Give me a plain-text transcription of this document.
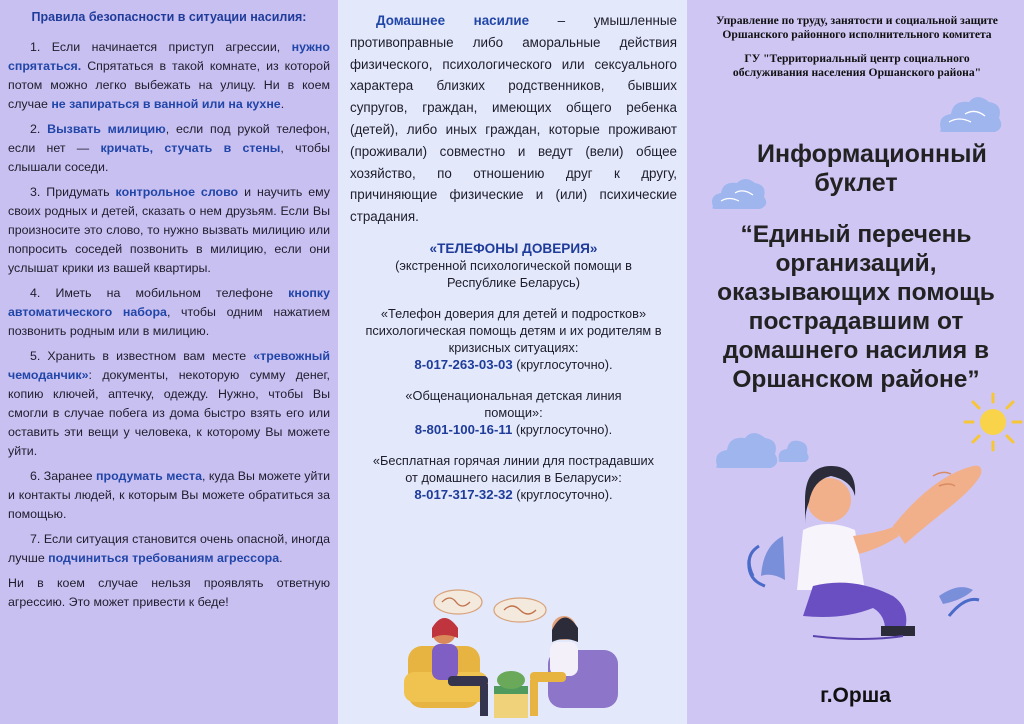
Правила безопасности в ситуации насилия:

1. Если начинается приступ агрессии, нужно спрятаться. Спрятаться в такой комнате, из которой потом можно легко выбежать на улицу. Ни в коем случае не запираться в ванной или на кухне.

2. Вызвать милицию, если под рукой телефон, если нет — кричать, стучать в стены, чтобы слышали соседи.

3. Придумать контрольное слово и научить ему своих родных и детей, сказать о нем друзьям. Если Вы произносите это слово, то нужно вызвать милицию или попросить соседей позвонить в милицию, если они услышат крики из вашей квартиры.

4. Иметь на мобильном телефоне кнопку автоматического набора, чтобы одним нажатием позвонить родным или в милицию.

5. Хранить в известном вам месте «тревожный чемоданчик»: документы, некоторую сумму денег, копию ключей, аптечку, одежду. Нужно, чтобы Вы смогли в случае побега из дома быстро взять его или оставить эти вещи у человека, к которому Вы можете уйти.

6. Заранее продумать места, куда Вы можете уйти и контакты людей, к которым Вы можете обратиться за помощью.

7. Если ситуация становится очень опасной, иногда лучше подчиниться требованиям агрессора.

Ни в коем случае нельзя проявлять ответную агрессию. Это может привести к беде!

Домашнее насилие – умышленные противоправные либо аморальные действия физического, психологического или сексуального характера близких родственников, бывших супругов, граждан, имеющих общего ребенка (детей), либо иных граждан, которые проживают (проживали) совместно и ведут (вели) общее хозяйство, по отношению друг к другу, причиняющие физические и (или) психические страдания.

«ТЕЛЕФОНЫ ДОВЕРИЯ»
(экстренной психологической помощи в Республике Беларусь)
«Телефон доверия для детей и подростков» психологическая помощь детям и их родителям в кризисных ситуациях:
8-017-263-03-03 (круглосуточно).
«Общенациональная детская линия помощи»:
8-801-100-16-11 (круглосуточно).
«Бесплатная горячая линии для пострадавших от домашнего насилия в Беларуси»:
8-017-317-32-32 (круглосуточно).
Управление по труду, занятости и социальной защите Оршанского районного исполнительного комитета
ГУ "Территориальный центр социального обслуживания населения Оршанского района"
Информационный буклет
“Единый перечень организаций, оказывающих помощь пострадавшим от домашнего насилия в Оршанском районе”
г.Орша
